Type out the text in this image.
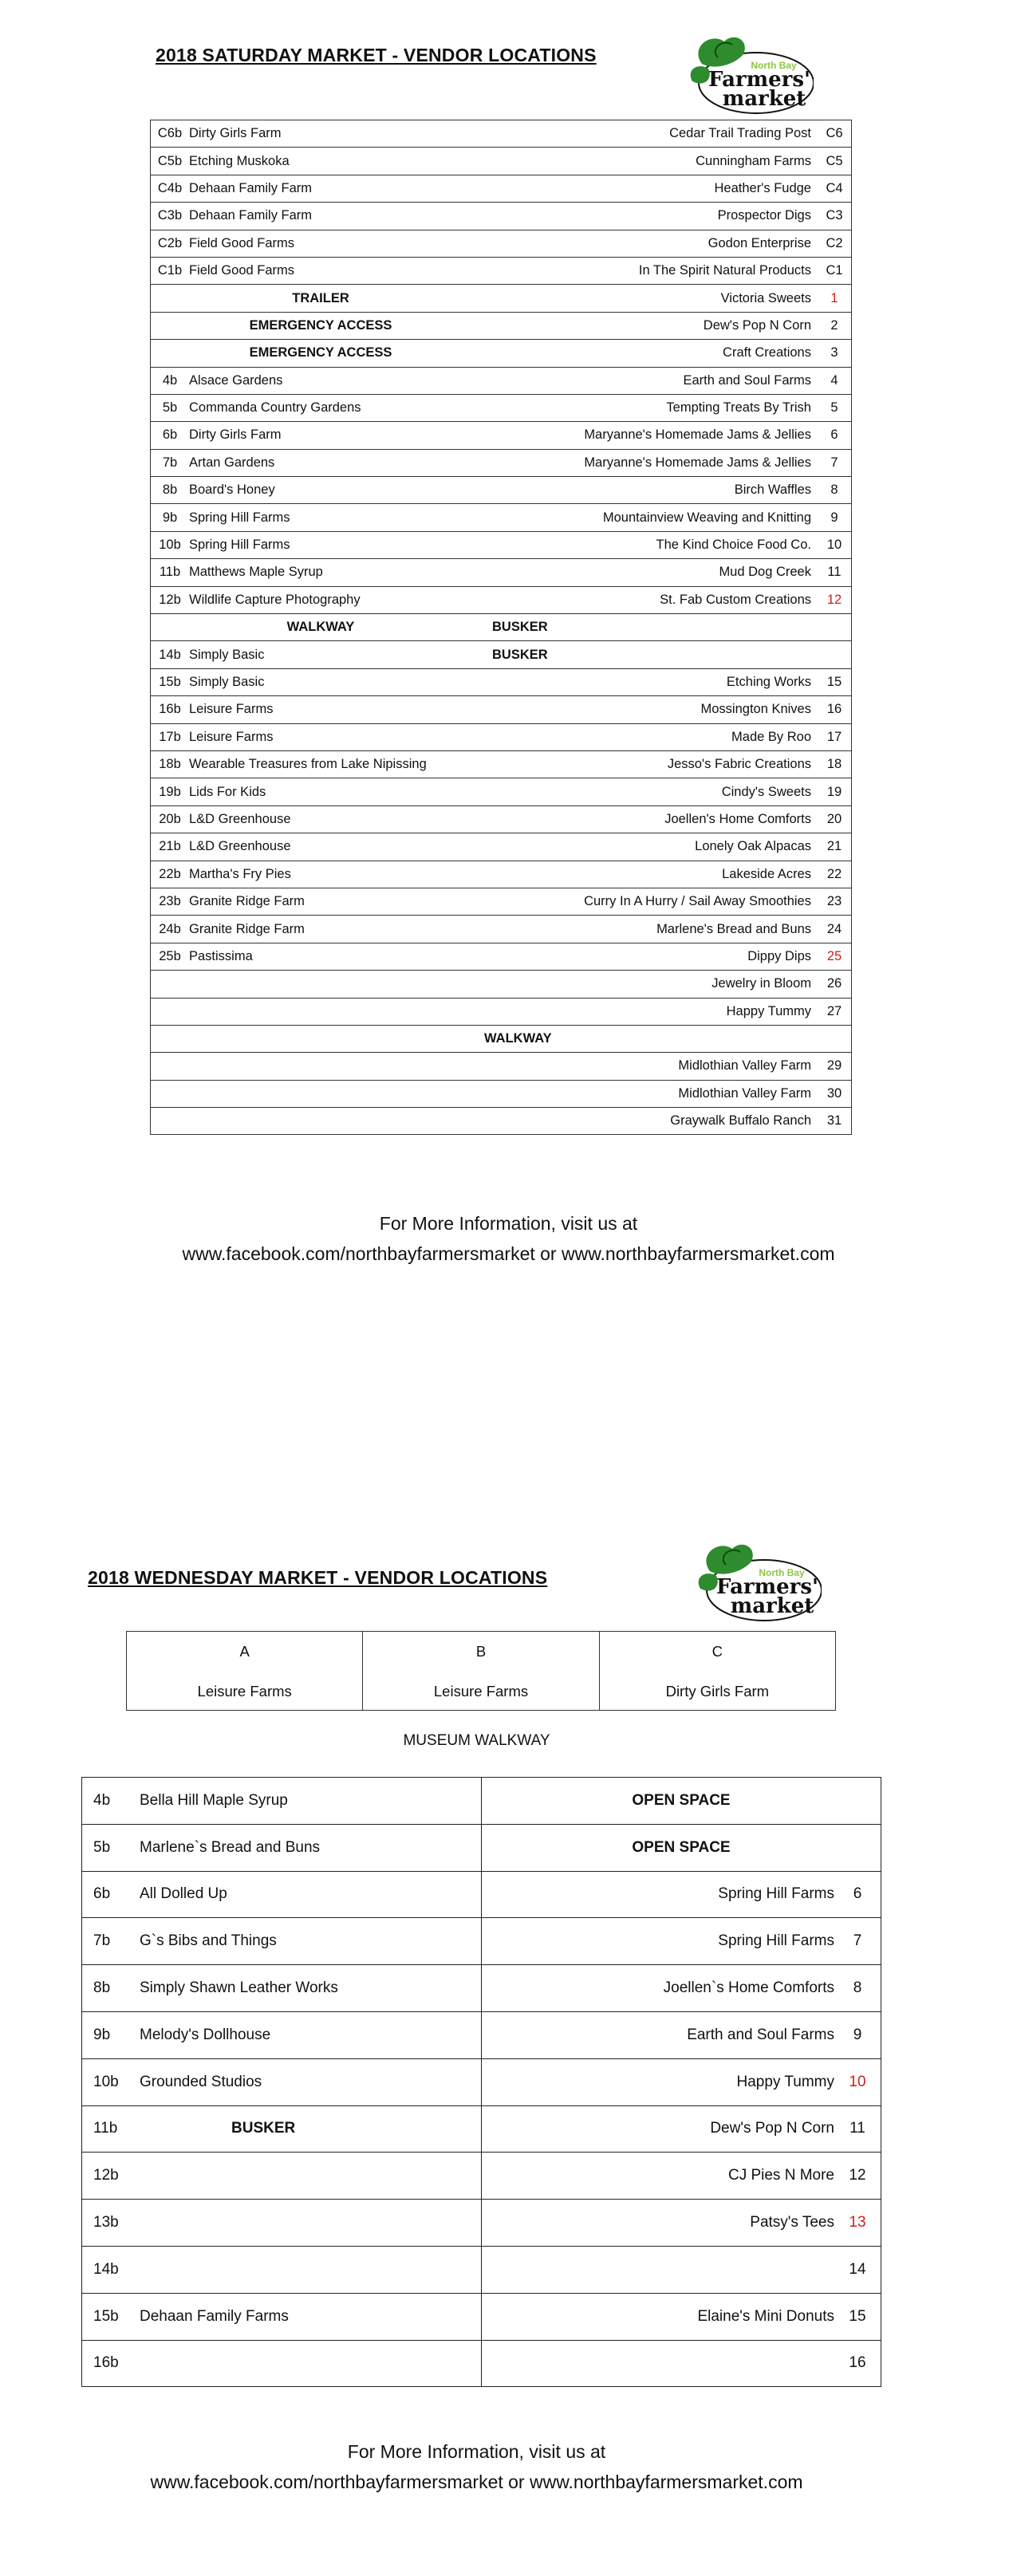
2018 SATURDAY MARKET - VENDOR LOCATIONS	North Bay
Farmers'
market
C6b	Dirty Girls Farm	Cedar Trail Trading Post	C6
C5b	Etching Muskoka	Cunningham Farms	C5
C4b	Dehaan Family Farm	Heather's Fudge	C4
C3b	Dehaan Family Farm	Prospector Digs	C3
C2b	Field Good Farms	Godon Enterprise	C2
C1b	Field Good Farms	In The Spirit Natural Products	C1
	TRAILER	Victoria Sweets	1
	EMERGENCY ACCESS	Dew's Pop N Corn	2
	EMERGENCY ACCESS	Craft Creations	3
4b	Alsace Gardens	Earth and Soul Farms	4
5b	Commanda Country Gardens	Tempting Treats By Trish	5
6b	Dirty Girls Farm	Maryanne's Homemade Jams & Jellies	6
7b	Artan Gardens	Maryanne's Homemade Jams & Jellies	7
8b	Board's Honey	Birch Waffles	8
9b	Spring Hill Farms	Mountainview Weaving and Knitting	9
10b	Spring Hill Farms	The Kind Choice Food Co.	10
11b	Matthews Maple Syrup	Mud Dog Creek	11
12b	Wildlife Capture Photography	St. Fab Custom Creations	12
	WALKWAY	BUSKER	
14b	Simply Basic	BUSKER	
15b	Simply Basic	Etching Works	15
16b	Leisure Farms	Mossington Knives	16
17b	Leisure Farms	Made By Roo	17
18b	Wearable Treasures from Lake Nipissing	Jesso's Fabric Creations	18
19b	Lids For Kids	Cindy's Sweets	19
20b	L&D Greenhouse	Joellen's Home Comforts	20
21b	L&D Greenhouse	Lonely Oak Alpacas	21
22b	Martha's Fry Pies	Lakeside Acres	22
23b	Granite Ridge Farm	Curry In A Hurry / Sail Away Smoothies	23
24b	Granite Ridge Farm	Marlene's Bread and Buns	24
25b	Pastissima	Dippy Dips	25
		Jewelry in Bloom	26
		Happy Tummy	27
		WALKWAY	
		Midlothian Valley Farm	29
		Midlothian Valley Farm	30
		Graywalk Buffalo Ranch	31
For More Information, visit us at
www.facebook.com/northbayfarmersmarket or www.northbayfarmersmarket.com
2018 WEDNESDAY MARKET - VENDOR LOCATIONS	North Bay
Farmers'
market
A
Leisure Farms

B
Leisure Farms

C
Dirty Girls Farm
MUSEUM WALKWAY
4b Bella Hill Maple Syrup	OPEN SPACE
5b Marlene`s Bread and Buns	OPEN SPACE
6b All Dolled Up	Spring Hill Farms 6
7b G`s Bibs and Things	Spring Hill Farms 7
8b Simply Shawn Leather Works	Joellen`s Home Comforts 8
9b Melody's Dollhouse	Earth and Soul Farms 9
10b Grounded Studios	Happy Tummy 10
11b BUSKER	Dew's Pop N Corn 11
12b	CJ Pies N More 12
13b	Patsy's Tees 13
14b	14
15b Dehaan Family Farms	Elaine's Mini Donuts 15
16b	16
For More Information, visit us at
www.facebook.com/northbayfarmersmarket or www.northbayfarmersmarket.com
